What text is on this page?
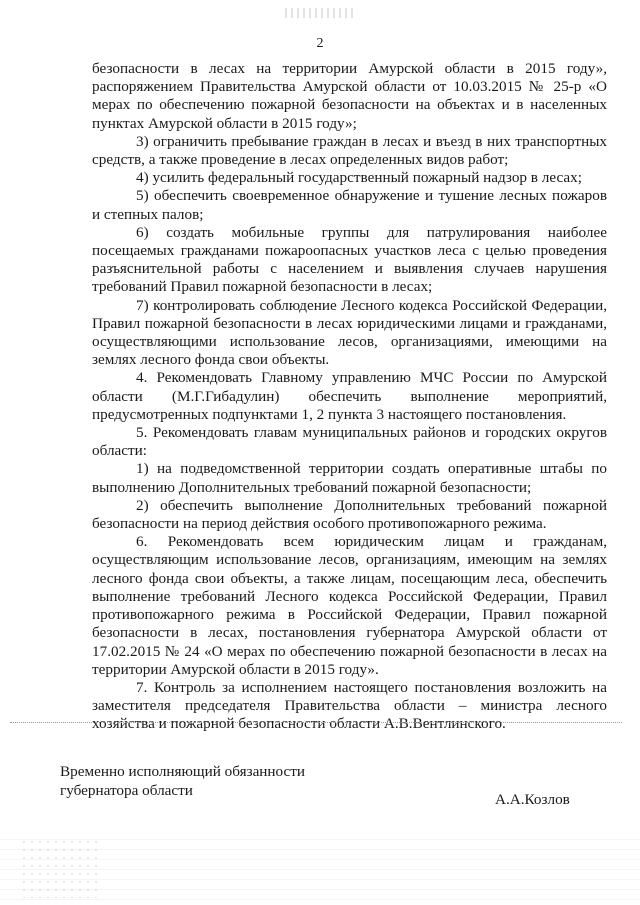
2

безопасности в лесах на территории Амурской области в 2015 году», распоряжением Правительства Амурской области от 10.03.2015 № 25-р «О мерах по обеспечению пожарной безопасности на объектах и в населенных пунктах Амурской области в 2015 году»;

3) ограничить пребывание граждан в лесах и въезд в них транспортных средств, а также проведение в лесах определенных видов работ;

4) усилить федеральный государственный пожарный надзор в лесах;

5) обеспечить своевременное обнаружение и тушение лесных пожаров и степных палов;

6) создать мобильные группы для патрулирования наиболее посещаемых гражданами пожароопасных участков леса с целью проведения разъяснительной работы с населением и выявления случаев нарушения требований Правил пожарной безопасности в лесах;

7) контролировать соблюдение Лесного кодекса Российской Федерации, Правил пожарной безопасности в лесах юридическими лицами и гражданами, осуществляющими использование лесов, организациями, имеющими на землях лесного фонда свои объекты.

4. Рекомендовать Главному управлению МЧС России по Амурской области (М.Г.Гибадулин) обеспечить выполнение мероприятий, предусмотренных подпунктами 1, 2 пункта 3 настоящего постановления.

5. Рекомендовать главам муниципальных районов и городских округов области:

1) на подведомственной территории создать оперативные штабы по выполнению Дополнительных требований пожарной безопасности;

2) обеспечить выполнение Дополнительных требований пожарной безопасности на период действия особого противопожарного режима.

6. Рекомендовать всем юридическим лицам и гражданам, осуществляющим использование лесов, организациям, имеющим на землях лесного фонда свои объекты, а также лицам, посещающим леса, обеспечить выполнение требований Лесного кодекса Российской Федерации, Правил противопожарного режима в Российской Федерации, Правил пожарной безопасности в лесах, постановления губернатора Амурской области от 17.02.2015 № 24 «О мерах по обеспечению пожарной безопасности в лесах на территории Амурской области в 2015 году».

7. Контроль за исполнением настоящего постановления возложить на заместителя председателя Правительства области – министра лесного хозяйства и пожарной безопасности области А.В.Вентлинского.

Временно исполняющий обязанности
губернатора области
А.А.Козлов
